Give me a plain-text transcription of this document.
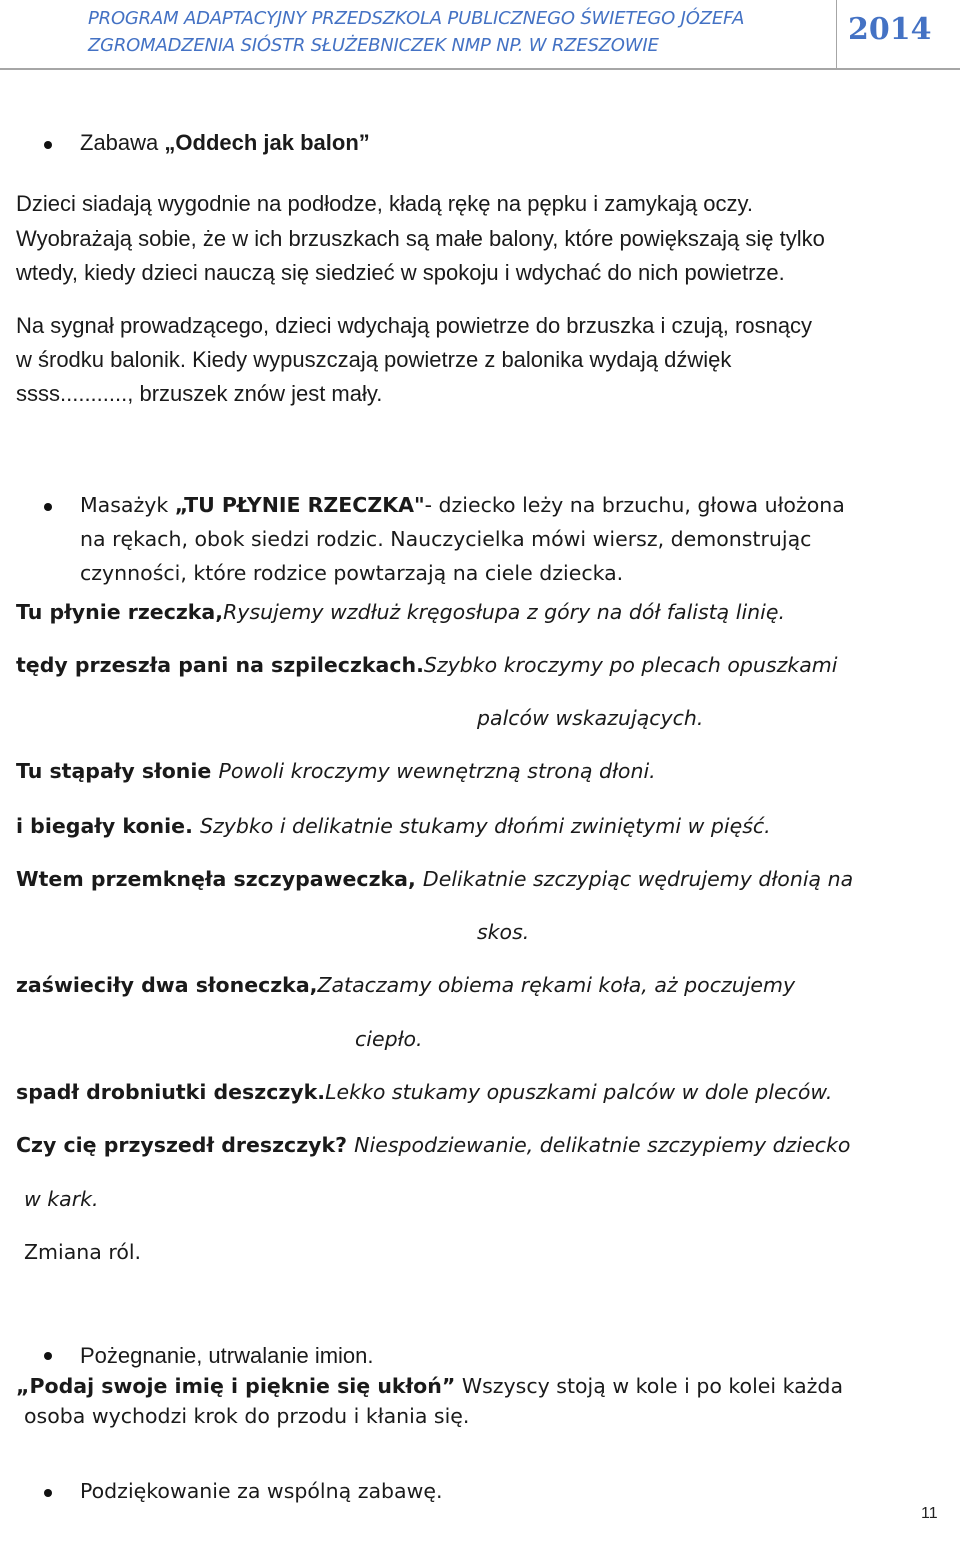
PROGRAM ADAPTACYJNY PRZEDSZKOLA PUBLICZNEGO ŚWIETEGO JÓZEFA
ZGROMADZENIA SIÓSTR SŁUŻEBNICZEK NMP NP. W RZESZOWIE	2014
Zabawa „Oddech jak balon”
Dzieci siadają wygodnie na podłodze, kładą rękę na pępku i zamykają oczy.
Wyobrażają sobie, że w ich brzuszkach są małe balony, które powiększają się tylko
wtedy, kiedy dzieci nauczą się siedzieć w spokoju i wdychać do nich powietrze.
Na sygnał prowadzącego, dzieci wdychają powietrze do brzuszka i czują, rosnący
w środku balonik. Kiedy wypuszczają powietrze z balonika wydają dźwięk
ssss..........., brzuszek znów jest mały.
Masażyk „TU PŁYNIE RZECZKA"- dziecko leży na brzuchu, głowa ułożona
na rękach, obok siedzi rodzic. Nauczycielka mówi wiersz, demonstrując
czynności, które rodzice powtarzają na ciele dziecka.
Tu płynie rzeczka,Rysujemy wzdłuż kręgosłupa z góry na dół falistą linię.
tędy przeszła pani na szpileczkach.Szybko kroczymy po plecach opuszkami
palców wskazujących.
Tu stąpały słonie Powoli kroczymy wewnętrzną stroną dłoni.
i biegały konie. Szybko i delikatnie stukamy dłońmi zwiniętymi w pięść.
Wtem przemknęła szczypaweczka, Delikatnie szczypiąc wędrujemy dłonią na
skos.
zaświeciły dwa słoneczka,Zataczamy obiema rękami koła, aż poczujemy
ciepło.
spadł drobniutki deszczyk.Lekko stukamy opuszkami palców w dole pleców.
Czy cię przyszedł dreszczyk? Niespodziewanie, delikatnie szczypiemy dziecko
w kark.
Zmiana ról.
Pożegnanie, utrwalanie imion.
„Podaj swoje imię i pięknie się ukłoń” Wszyscy stoją w kole i po kolei każda
osoba wychodzi krok do przodu i kłania się.
Podziękowanie za wspólną zabawę.
11
